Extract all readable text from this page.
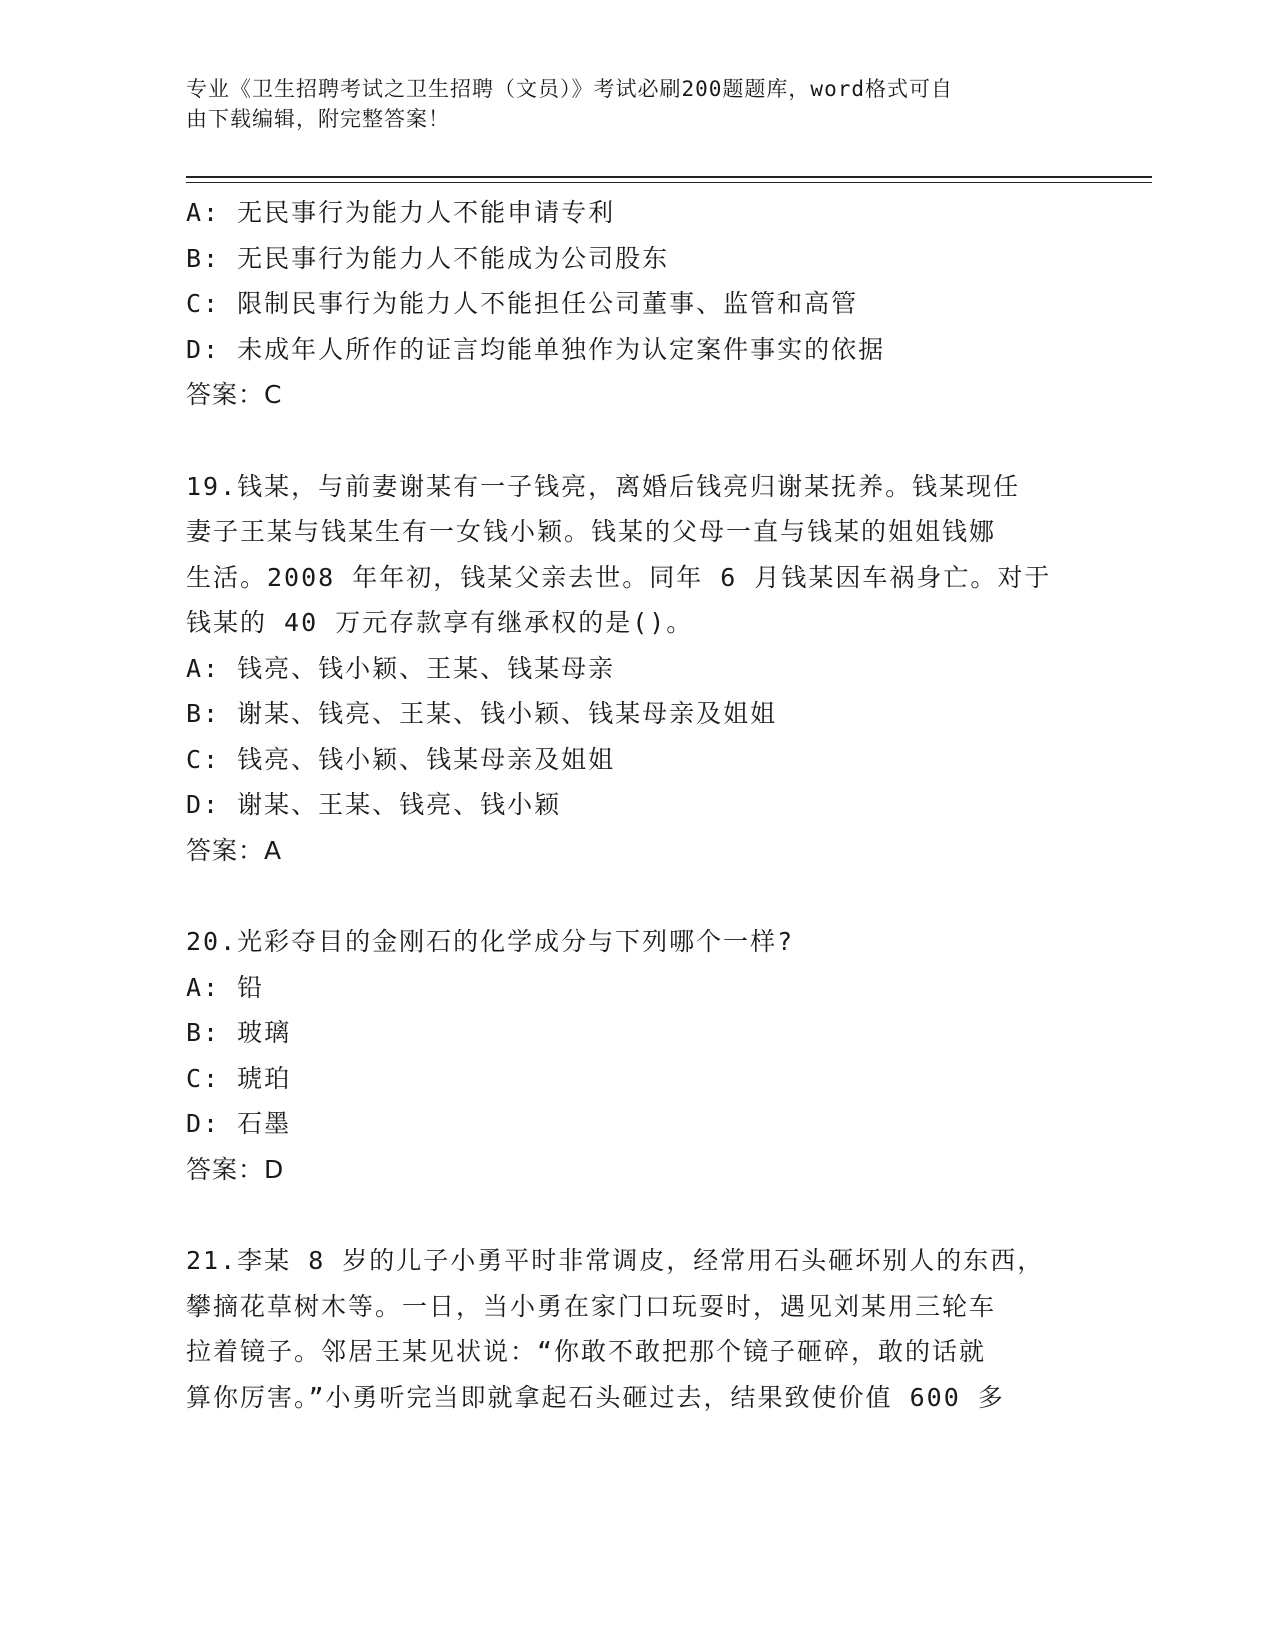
专业《卫生招聘考试之卫生招聘（文员）》考试必刷200题题库，word格式可自
由下载编辑，附完整答案！
A: 无民事行为能力人不能申请专利
B: 无民事行为能力人不能成为公司股东
C: 限制民事行为能力人不能担任公司董事、监管和高管
D: 未成年人所作的证言均能单独作为认定案件事实的依据
答案：C
19.钱某，与前妻谢某有一子钱亮，离婚后钱亮归谢某抚养。钱某现任
妻子王某与钱某生有一女钱小颖。钱某的父母一直与钱某的姐姐钱娜
生活。2008 年年初，钱某父亲去世。同年 6 月钱某因车祸身亡。对于
钱某的 40 万元存款享有继承权的是()。
A: 钱亮、钱小颖、王某、钱某母亲
B: 谢某、钱亮、王某、钱小颖、钱某母亲及姐姐
C: 钱亮、钱小颖、钱某母亲及姐姐
D: 谢某、王某、钱亮、钱小颖
答案：A
20.光彩夺目的金刚石的化学成分与下列哪个一样?
A: 铅
B: 玻璃
C: 琥珀
D: 石墨
答案：D
21.李某 8 岁的儿子小勇平时非常调皮，经常用石头砸坏别人的东西，
攀摘花草树木等。一日，当小勇在家门口玩耍时，遇见刘某用三轮车
拉着镜子。邻居王某见状说：“你敢不敢把那个镜子砸碎，敢的话就
算你厉害。”小勇听完当即就拿起石头砸过去，结果致使价值 600 多
